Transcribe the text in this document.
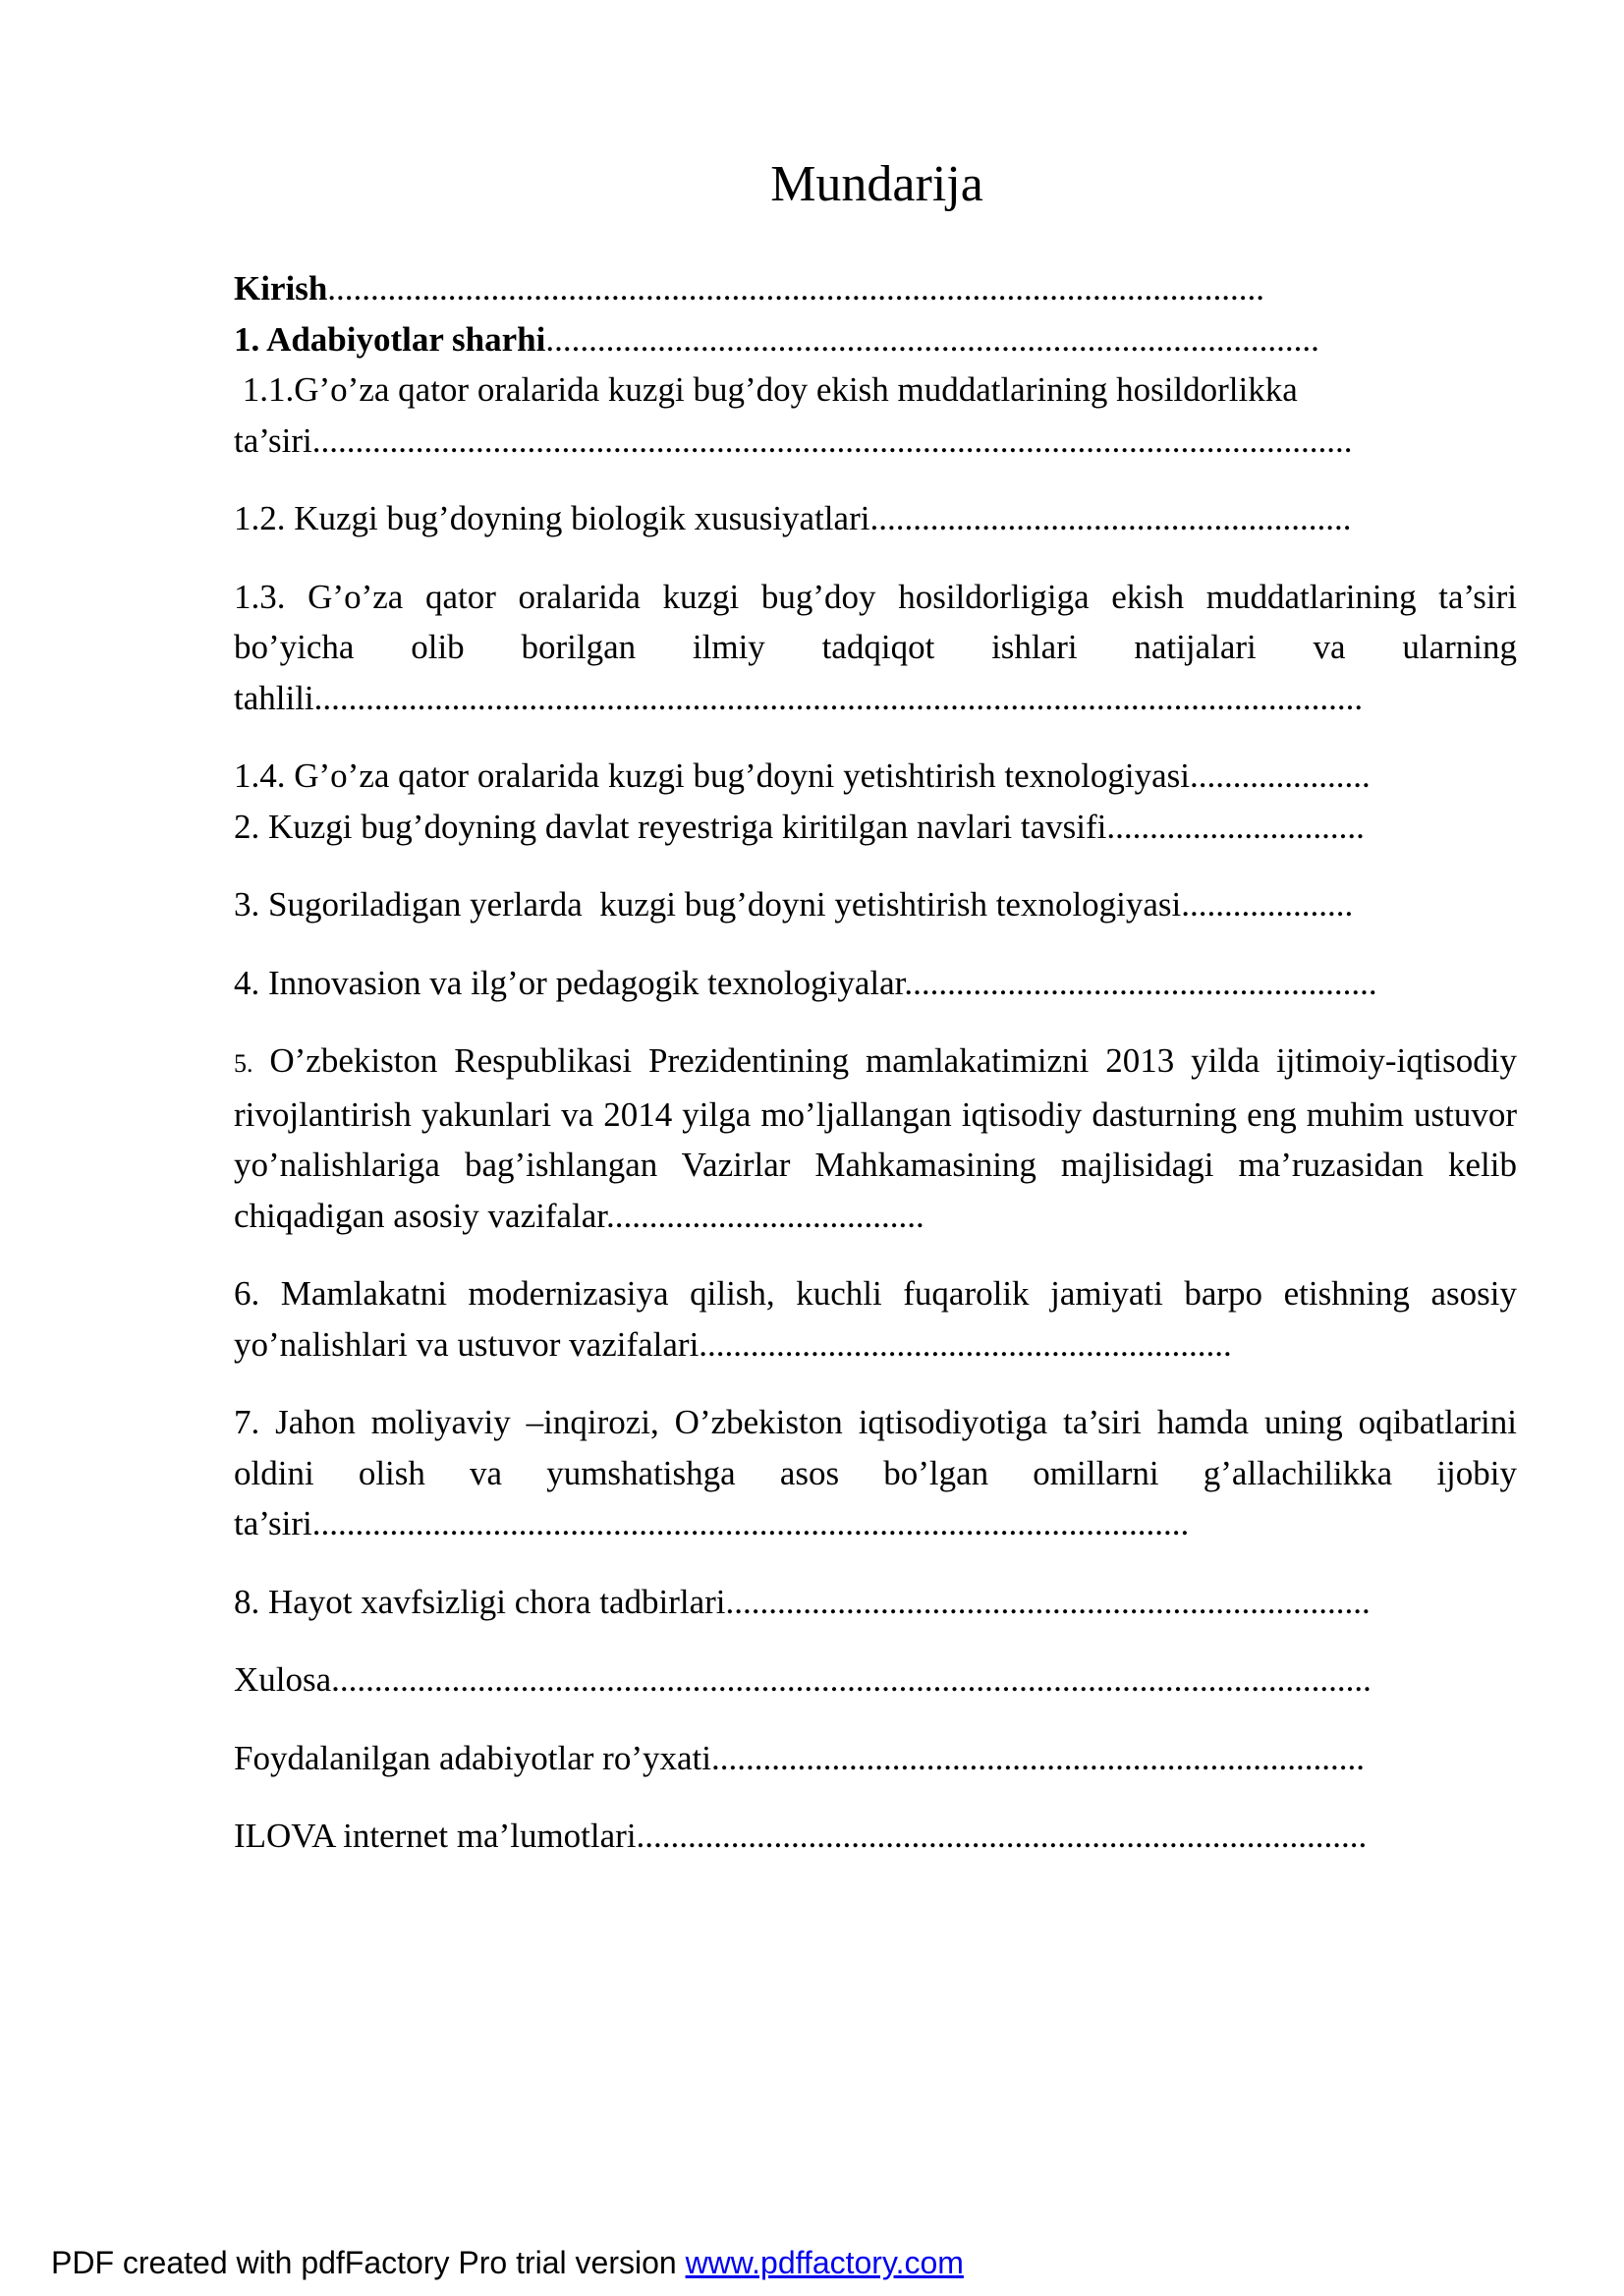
Mundarija

Kirish.............................................................................................................

1. Adabiyotlar sharhi..........................................................................................

1.1.G’o’za qator oralarida kuzgi bug’doy ekish muddatlarining hosildorlikka

ta’siri.........................................................................................................................

1.2. Kuzgi bug’doyning biologik xususiyatlari........................................................

1.3. G’o’za qator oralarida kuzgi bug’doy hosildorligiga ekish muddatlarining ta’siri bo’yicha olib borilgan ilmiy tadqiqot ishlari natijalari va ularning tahlili..........................................................................................................................

1.4. G’o’za qator oralarida kuzgi bug’doyni yetishtirish texnologiyasi.....................

2. Kuzgi bug’doyning davlat reyestriga kiritilgan navlari tavsifi..............................

3. Sugoriladigan yerlarda  kuzgi bug’doyni yetishtirish texnologiyasi....................

4. Innovasion va ilg’or pedagogik texnologiyalar.......................................................

5. O’zbekiston Respublikasi Prezidentining mamlakatimizni 2013 yilda ijtimoiy-iqtisodiy rivojlantirish yakunlari va 2014 yilga mo’ljallangan iqtisodiy dasturning eng muhim ustuvor yo’nalishlariga bag’ishlangan Vazirlar Mahkamasining majlisidagi ma’ruzasidan kelib chiqadigan asosiy vazifalar.....................................

6. Mamlakatni modernizasiya qilish, kuchli fuqarolik jamiyati barpo etishning asosiy yo’nalishlari va ustuvor vazifalari..............................................................

7. Jahon moliyaviy –inqirozi, O’zbekiston iqtisodiyotiga ta’siri hamda uning oqibatlarini oldini olish va yumshatishga asos bo’lgan omillarni g’allachilikka ijobiy ta’siri......................................................................................................

8. Hayot xavfsizligi chora tadbirlari...........................................................................

Xulosa.........................................................................................................................

Foydalanilgan adabiyotlar ro’yxati............................................................................

ILOVA internet ma’lumotlari.....................................................................................

PDF created with pdfFactory Pro trial version www.pdffactory.com
